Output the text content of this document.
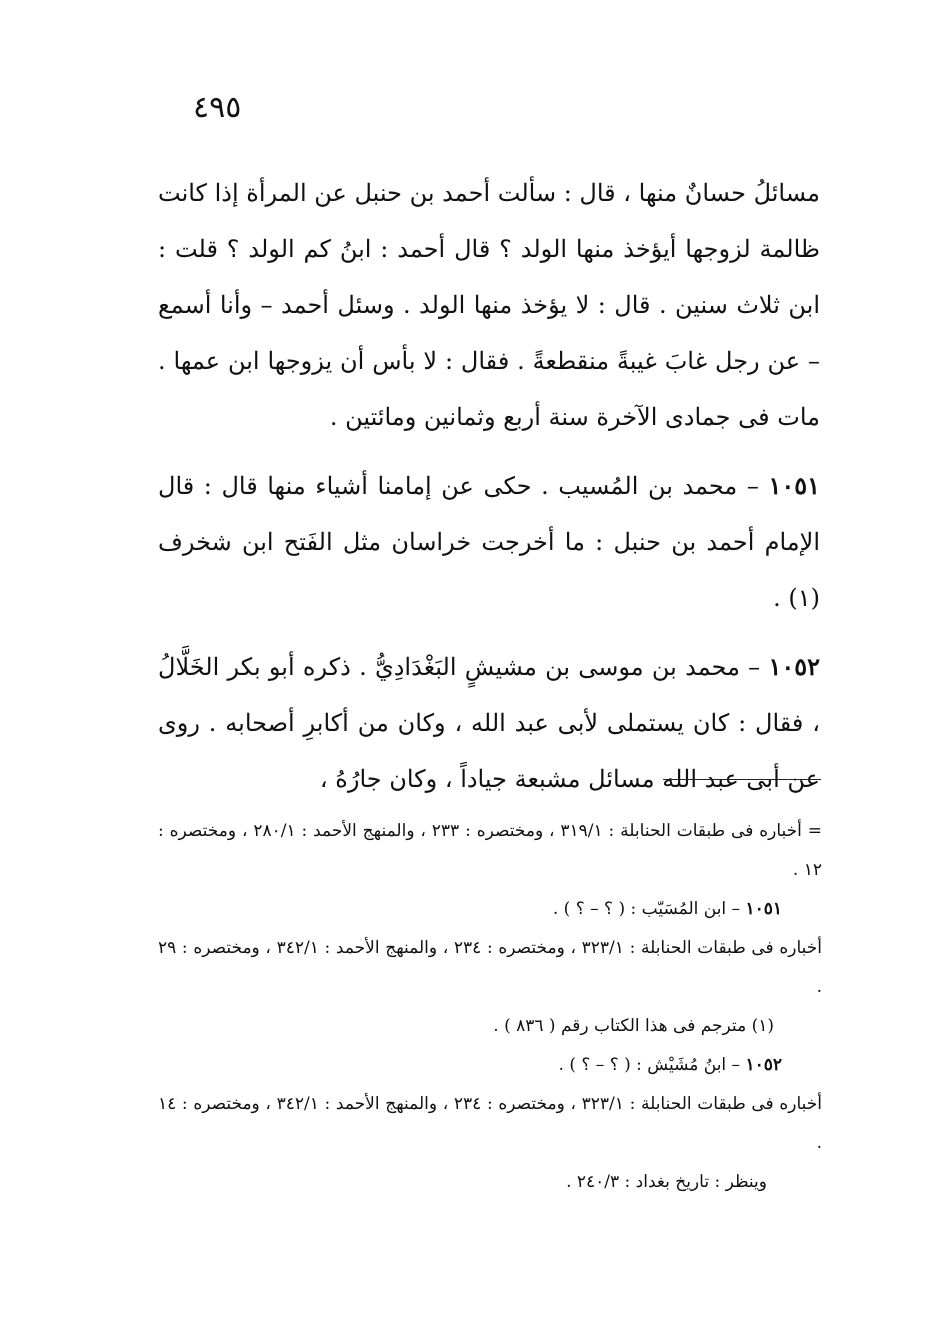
٤٩٥

مسائلُ حسانٌ منها ، قال : سألت أحمد بن حنبل عن المرأة إذا كانت ظالمة لزوجها أيؤخذ منها الولد ؟ قال أحمد : ابنُ كم الولد ؟ قلت : ابن ثلاث سنين . قال : لا يؤخذ منها الولد . وسئل أحمد – وأنا أسمع – عن رجل غابَ غيبةً منقطعةً . فقال : لا بأس أن يزوجها ابن عمها . مات فى جمادى الآخرة سنة أربع وثمانين ومائتين .

١٠٥١ – محمد بن المُسيب . حكى عن إمامنا أشياء منها قال : قال الإمام أحمد بن حنبل : ما أخرجت خراسان مثل الفَتح ابن شخرف (١) .

١٠٥٢ – محمد بن موسى بن مشيشٍ البَغْدَادِيُّ . ذكره أبو بكر الخَلَّالُ ، فقال : كان يستملى لأبى عبد الله ، وكان من أكابرِ أصحابه . روى عن أبى عبد الله مسائل مشبعة جياداً ، وكان جارُهُ ،

= أخباره فى طبقات الحنابلة : ٣١٩/١ ، ومختصره : ٢٣٣ ، والمنهج الأحمد : ٢٨٠/١ ، ومختصره : ١٢ .

١٠٥١ – ابن المُسَيّب : ( ؟ – ؟ ) .

أخباره فى طبقات الحنابلة : ٣٢٣/١ ، ومختصره : ٢٣٤ ، والمنهج الأحمد : ٣٤٢/١ ، ومختصره : ٢٩ .

(١) مترجم فى هذا الكتاب رقم ( ٨٣٦ ) .

١٠٥٢ – ابنُ مُشَيْش : ( ؟ – ؟ ) .

أخباره فى طبقات الحنابلة : ٣٢٣/١ ، ومختصره : ٢٣٤ ، والمنهج الأحمد : ٣٤٢/١ ، ومختصره : ١٤ .

وينظر : تاريخ بغداد : ٢٤٠/٣ .
